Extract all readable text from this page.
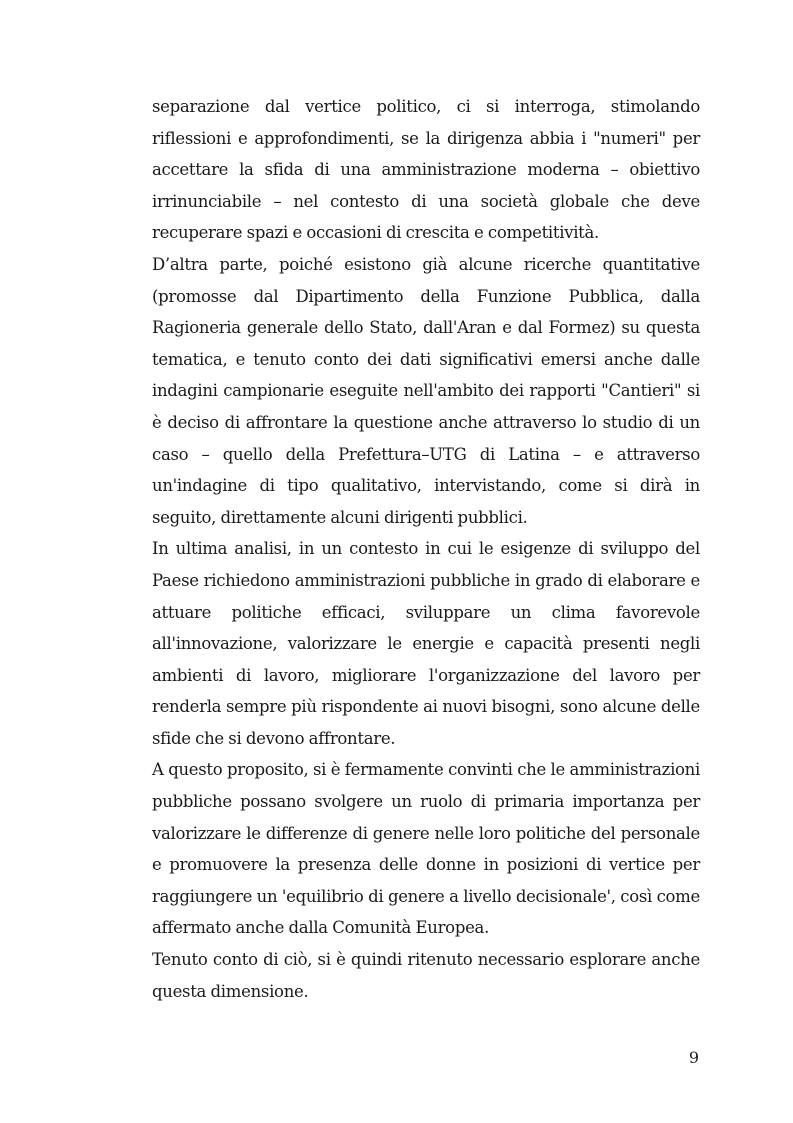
separazione dal vertice politico, ci si interroga, stimolando riflessioni e approfondimenti, se la dirigenza abbia i "numeri" per accettare la sfida di una amministrazione moderna – obiettivo irrinunciabile – nel contesto di una società globale che deve recuperare spazi e occasioni di crescita e competitività.

D’altra parte, poiché esistono già alcune ricerche quantitative (promosse dal Dipartimento della Funzione Pubblica, dalla Ragioneria generale dello Stato, dall'Aran e dal Formez) su questa tematica, e tenuto conto dei dati significativi emersi anche dalle indagini campionarie eseguite nell'ambito dei rapporti "Cantieri" si è deciso di affrontare la questione anche attraverso lo studio di un caso – quello della Prefettura–UTG di Latina – e attraverso un'indagine di tipo qualitativo, intervistando, come si dirà in seguito, direttamente alcuni dirigenti pubblici.

In ultima analisi, in un contesto in cui le esigenze di sviluppo del Paese richiedono amministrazioni pubbliche in grado di elaborare e attuare politiche efficaci, sviluppare un clima favorevole all'innovazione, valorizzare le energie e capacità presenti negli ambienti di lavoro, migliorare l'organizzazione del lavoro per renderla sempre più rispondente ai nuovi bisogni, sono alcune delle sfide che si devono affrontare.

A questo proposito, si è fermamente convinti che le amministrazioni pubbliche possano svolgere un ruolo di primaria importanza per valorizzare le differenze di genere nelle loro politiche del personale e promuovere la presenza delle donne in posizioni di vertice per raggiungere un 'equilibrio di genere a livello decisionale', così come affermato anche dalla Comunità Europea.

Tenuto conto di ciò, si è quindi ritenuto necessario esplorare anche questa dimensione.

9
